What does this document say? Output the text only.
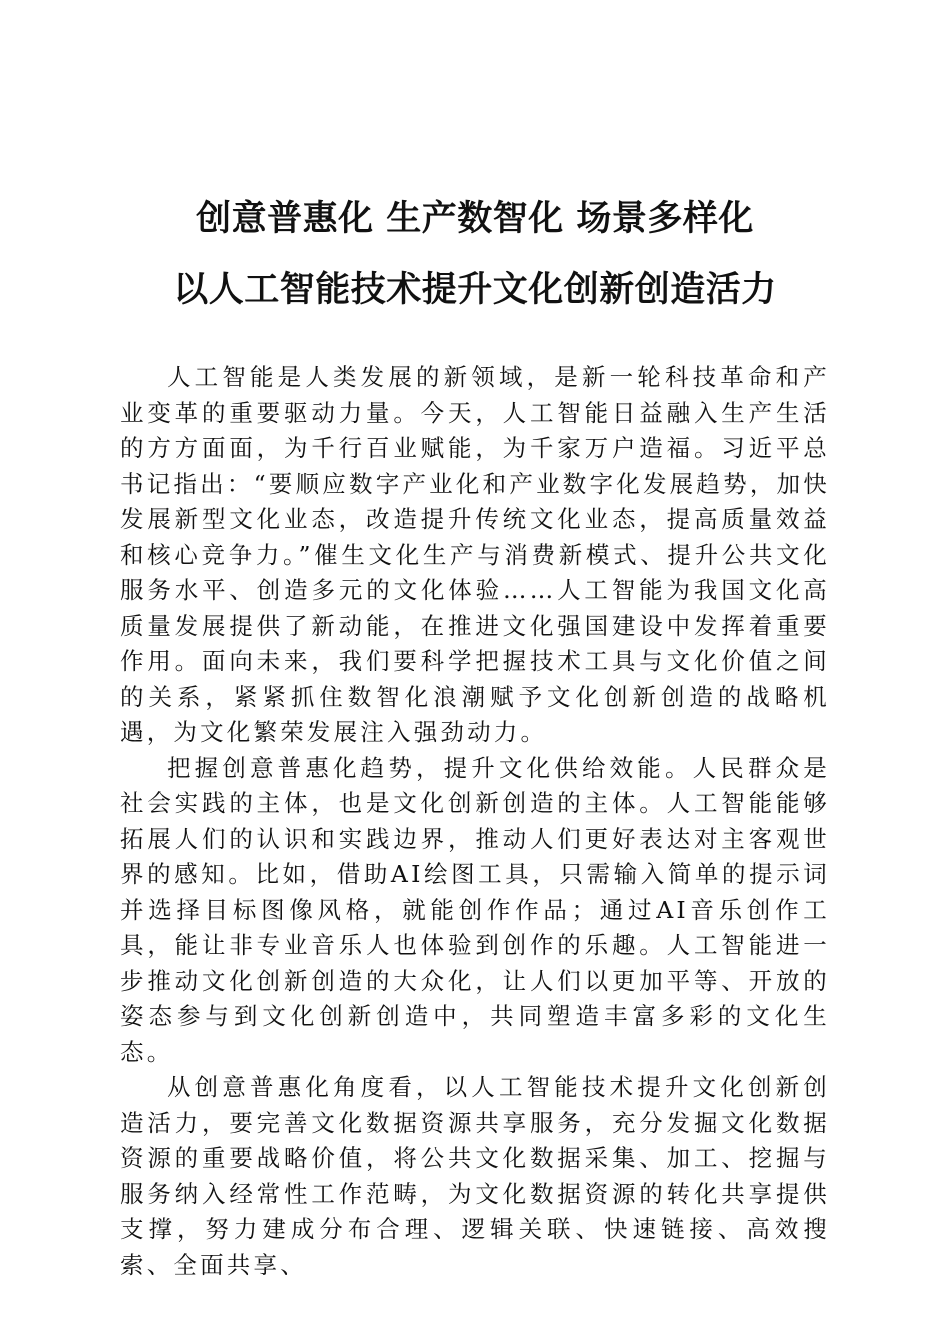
创意普惠化 生产数智化 场景多样化
以人工智能技术提升文化创新创造活力

人工智能是人类发展的新领域，是新一轮科技革命和产业变革的重要驱动力量。今天，人工智能日益融入生产生活的方方面面，为千行百业赋能，为千家万户造福。习近平总书记指出：“要顺应数字产业化和产业数字化发展趋势，加快发展新型文化业态，改造提升传统文化业态，提高质量效益和核心竞争力。”催生文化生产与消费新模式、提升公共文化服务水平、创造多元的文化体验……人工智能为我国文化高质量发展提供了新动能，在推进文化强国建设中发挥着重要作用。面向未来，我们要科学把握技术工具与文化价值之间的关系，紧紧抓住数智化浪潮赋予文化创新创造的战略机遇，为文化繁荣发展注入强劲动力。

把握创意普惠化趋势，提升文化供给效能。人民群众是社会实践的主体，也是文化创新创造的主体。人工智能能够拓展人们的认识和实践边界，推动人们更好表达对主客观世界的感知。比如，借助AI绘图工具，只需输入简单的提示词并选择目标图像风格，就能创作作品；通过AI音乐创作工具，能让非专业音乐人也体验到创作的乐趣。人工智能进一步推动文化创新创造的大众化，让人们以更加平等、开放的姿态参与到文化创新创造中，共同塑造丰富多彩的文化生态。

从创意普惠化角度看，以人工智能技术提升文化创新创造活力，要完善文化数据资源共享服务，充分发掘文化数据资源的重要战略价值，将公共文化数据采集、加工、挖掘与服务纳入经常性工作范畴，为文化数据资源的转化共享提供支撑，努力建成分布合理、逻辑关联、快速链接、高效搜索、全面共享、
